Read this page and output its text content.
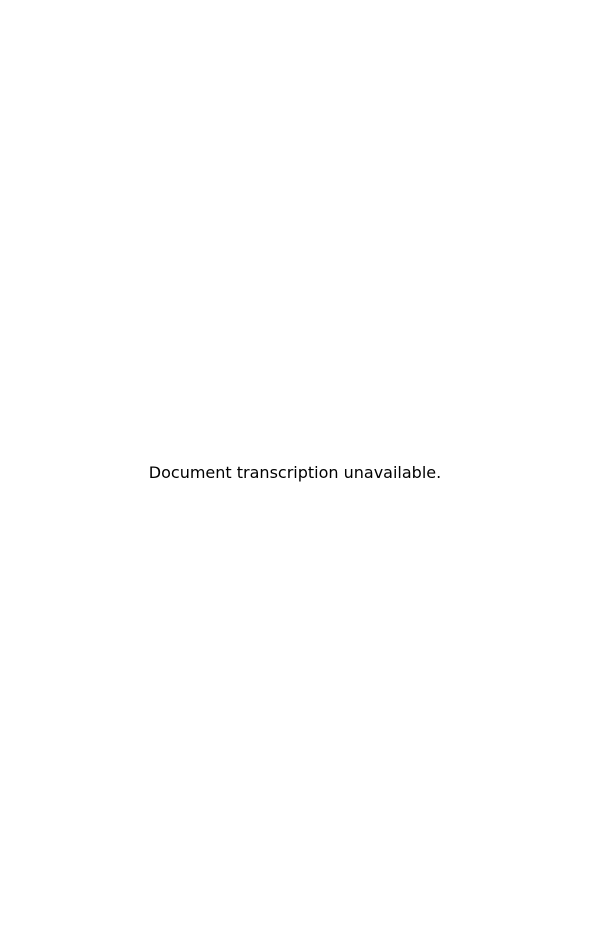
Document transcription unavailable.
